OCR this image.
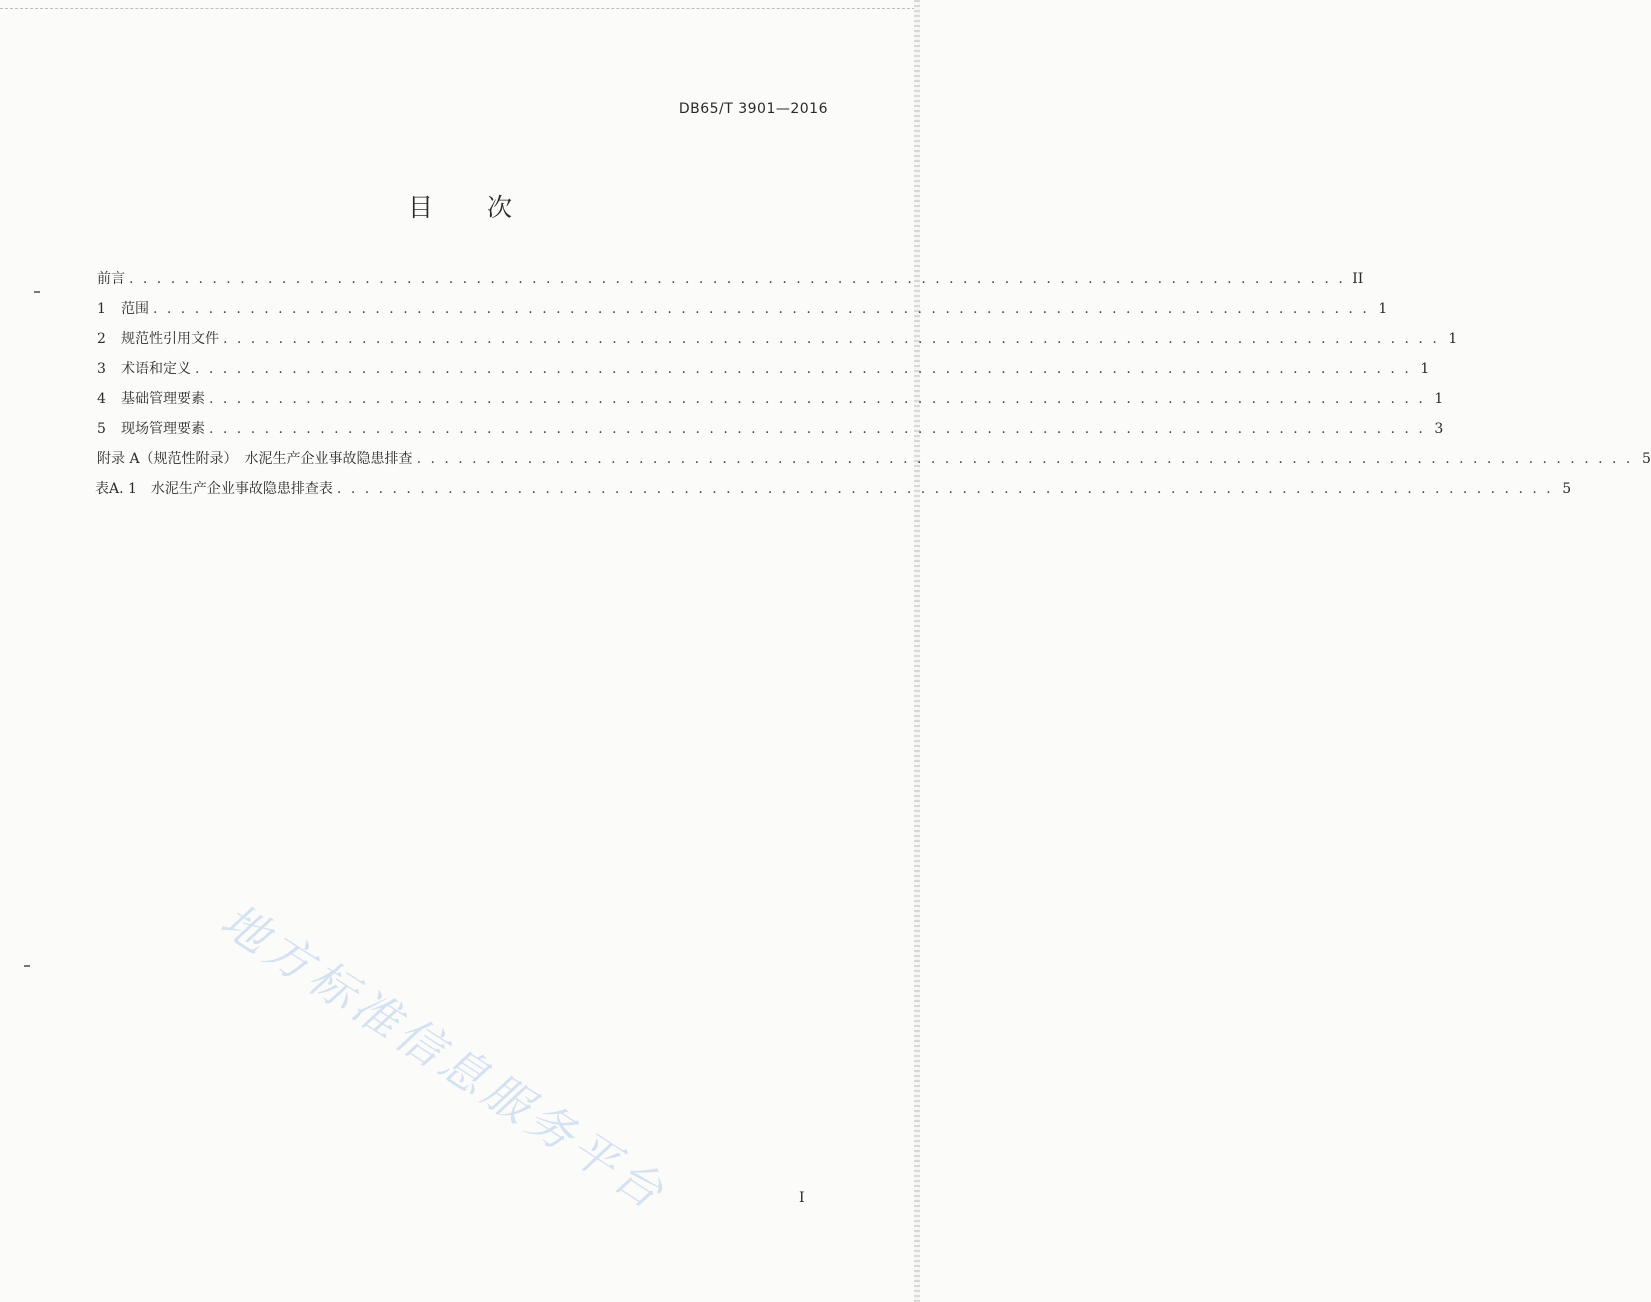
DB65/T 3901—2016
目 次
前言 . . . . . . . . . . . . . . . . . . . . . . . . . . . . . . . . . . . . . . . . . . . . . . . . . . . . . . . . . . . . . . . . . . . . . . . . . . . . . . . . . . . . . . . . II
1	范围 . . . . . . . . . . . . . . . . . . . . . . . . . . . . . . . . . . . . . . . . . . . . . . . . . . . . . . . . . . . . . . . . . . . . . . . . . . . . . . . . . . . . . . . . 1
2	规范性引用文件 . . . . . . . . . . . . . . . . . . . . . . . . . . . . . . . . . . . . . . . . . . . . . . . . . . . . . . . . . . . . . . . . . . . . . . . . . . . . . . . . . . . . . . . . 1
3	术语和定义 . . . . . . . . . . . . . . . . . . . . . . . . . . . . . . . . . . . . . . . . . . . . . . . . . . . . . . . . . . . . . . . . . . . . . . . . . . . . . . . . . . . . . . . . 1
4	基础管理要素 . . . . . . . . . . . . . . . . . . . . . . . . . . . . . . . . . . . . . . . . . . . . . . . . . . . . . . . . . . . . . . . . . . . . . . . . . . . . . . . . . . . . . . . . 1
5	现场管理要素 . . . . . . . . . . . . . . . . . . . . . . . . . . . . . . . . . . . . . . . . . . . . . . . . . . . . . . . . . . . . . . . . . . . . . . . . . . . . . . . . . . . . . . . . 3
附录 A（规范性附录）　水泥生产企业事故隐患排查 . . . . . . . . . . . . . . . . . . . . . . . . . . . . . . . . . . . . . . . . . . . . . . . . . . . . . . . . . . . . . . . . . . . . . . . . . . . . . . . . . . . . . . . . 5
表A. 1　水泥生产企业事故隐患排查表 . . . . . . . . . . . . . . . . . . . . . . . . . . . . . . . . . . . . . . . . . . . . . . . . . . . . . . . . . . . . . . . . . . . . . . . . . . . . . . . . . . . . . . . . 5
地方标准信息服务平台	I
